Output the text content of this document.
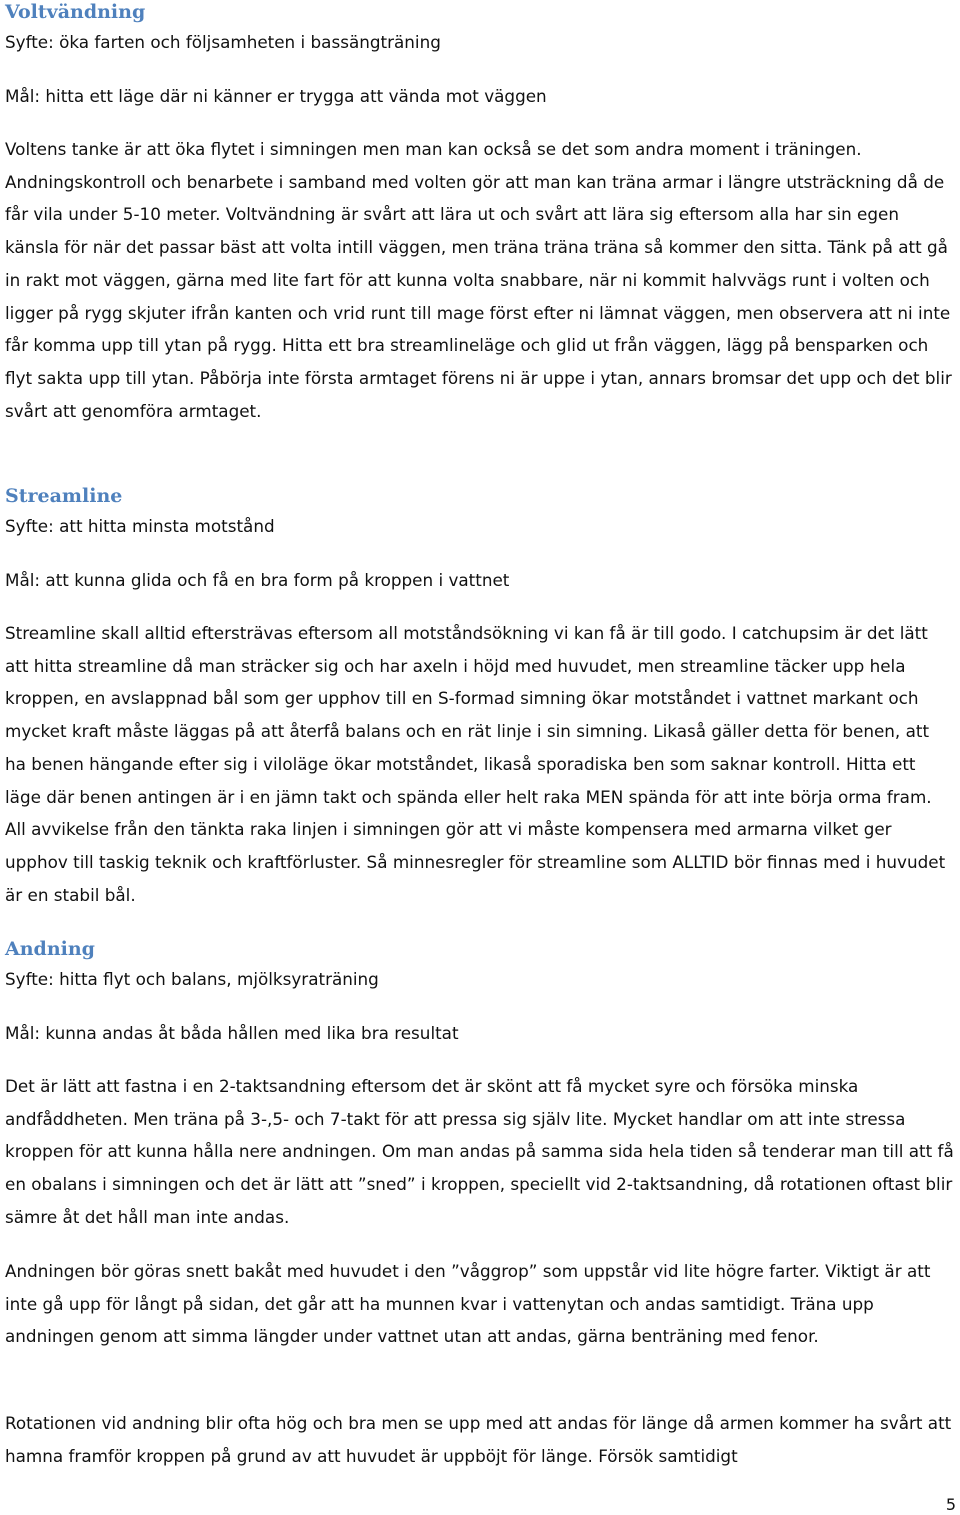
Voltvändning

Syfte: öka farten och följsamheten i bassängträning

Mål: hitta ett läge där ni känner er trygga att vända mot väggen

Voltens tanke är att öka flytet i simningen men man kan också se det som andra moment i träningen. Andningskontroll och benarbete i samband med volten gör att man kan träna armar i längre utsträckning då de får vila under 5-10 meter. Voltvändning är svårt att lära ut och svårt att lära sig eftersom alla har sin egen känsla för när det passar bäst att volta intill väggen, men träna träna träna så kommer den sitta. Tänk på att gå in rakt mot väggen, gärna med lite fart för att kunna volta snabbare, när ni kommit halvvägs runt i volten och ligger på rygg skjuter ifrån kanten och vrid runt till mage först efter ni lämnat väggen, men observera att ni inte får komma upp till ytan på rygg. Hitta ett bra streamlineläge och glid ut från väggen, lägg på bensparken och flyt sakta upp till ytan. Påbörja inte första armtaget förens ni är uppe i ytan, annars bromsar det upp och det blir svårt att genomföra armtaget.

Streamline

Syfte: att hitta minsta motstånd

Mål: att kunna glida och få en bra form på kroppen i vattnet

Streamline skall alltid eftersträvas eftersom all motståndsökning vi kan få är till godo. I catchupsim är det lätt att hitta streamline då man sträcker sig och har axeln i höjd med huvudet, men streamline täcker upp hela kroppen, en avslappnad bål som ger upphov till en S-formad simning ökar motståndet i vattnet markant och mycket kraft måste läggas på att återfå balans och en rät linje i sin simning. Likaså gäller detta för benen, att ha benen hängande efter sig i viloläge ökar motståndet, likaså sporadiska ben som saknar kontroll. Hitta ett läge där benen antingen är i en jämn takt och spända eller helt raka MEN spända för att inte börja orma fram. All avvikelse från den tänkta raka linjen i simningen gör att vi måste kompensera med armarna vilket ger upphov till taskig teknik och kraftförluster. Så minnesregler för streamline som ALLTID bör finnas med i huvudet är en stabil bål.

Andning

Syfte: hitta flyt och balans, mjölksyraträning

Mål: kunna andas åt båda hållen med lika bra resultat

Det är lätt att fastna i en 2-taktsandning eftersom det är skönt att få mycket syre och försöka minska andfåddheten. Men träna på 3-,5- och 7-takt för att pressa sig själv lite. Mycket handlar om att inte stressa kroppen för att kunna hålla nere andningen. Om man andas på samma sida hela tiden så tenderar man till att få en obalans i simningen och det är lätt att ”sned” i kroppen, speciellt vid 2-taktsandning, då rotationen oftast blir sämre åt det håll man inte andas.

Andningen bör göras snett bakåt med huvudet i den ”våggrop” som uppstår vid lite högre farter. Viktigt är att inte gå upp för långt på sidan, det går att ha munnen kvar i vattenytan och andas samtidigt. Träna upp andningen genom att simma längder under vattnet utan att andas, gärna benträning med fenor.

Rotationen vid andning blir ofta hög och bra men se upp med att andas för länge då armen kommer ha svårt att hamna framför kroppen på grund av att huvudet är uppböjt för länge. Försök samtidigt

5
